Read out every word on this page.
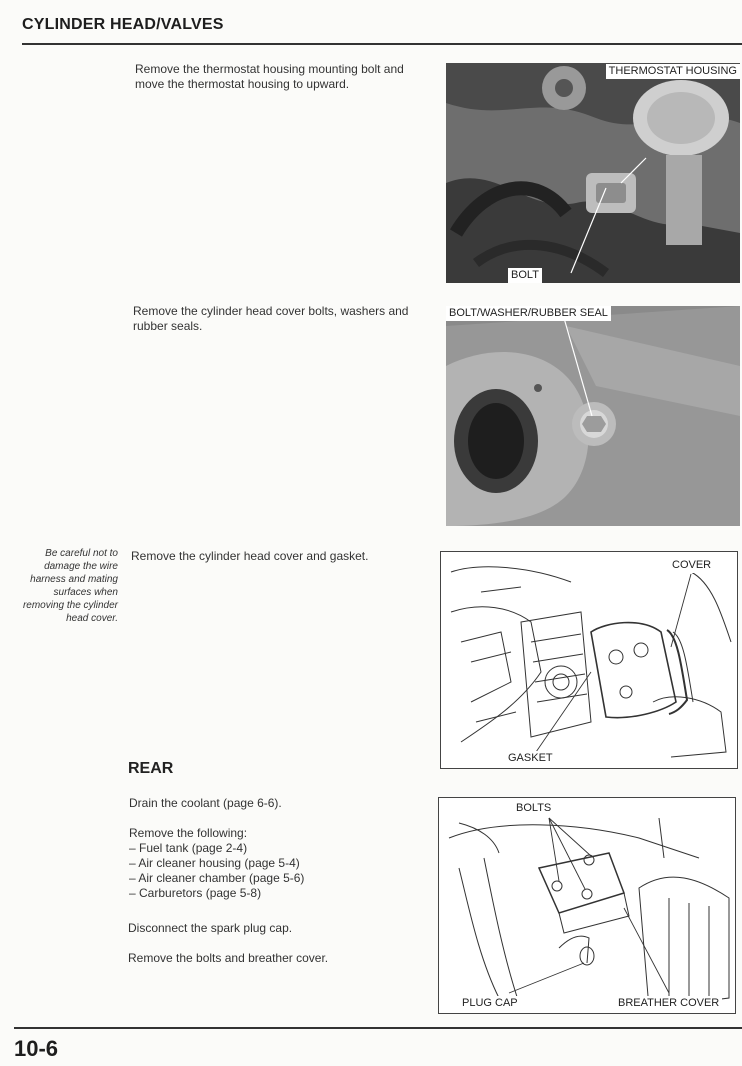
CYLINDER HEAD/VALVES
Remove the thermostat housing mounting bolt and move the thermostat housing to upward.
THERMOSTAT HOUSING
BOLT
Remove the cylinder head cover bolts, washers and rubber seals.
BOLT/WASHER/RUBBER SEAL
Be careful not to damage the wire harness and mating surfaces when removing the cylinder head cover.
Remove the cylinder head cover and gasket.
COVER
GASKET
REAR
Drain the coolant (page 6-6).
Remove the following:
– Fuel tank (page 2-4)
– Air cleaner housing (page 5-4)
– Air cleaner chamber (page 5-6)
– Carburetors (page 5-8)
Disconnect the spark plug cap.
Remove the bolts and breather cover.
BOLTS
PLUG CAP	BREATHER COVER
10-6
